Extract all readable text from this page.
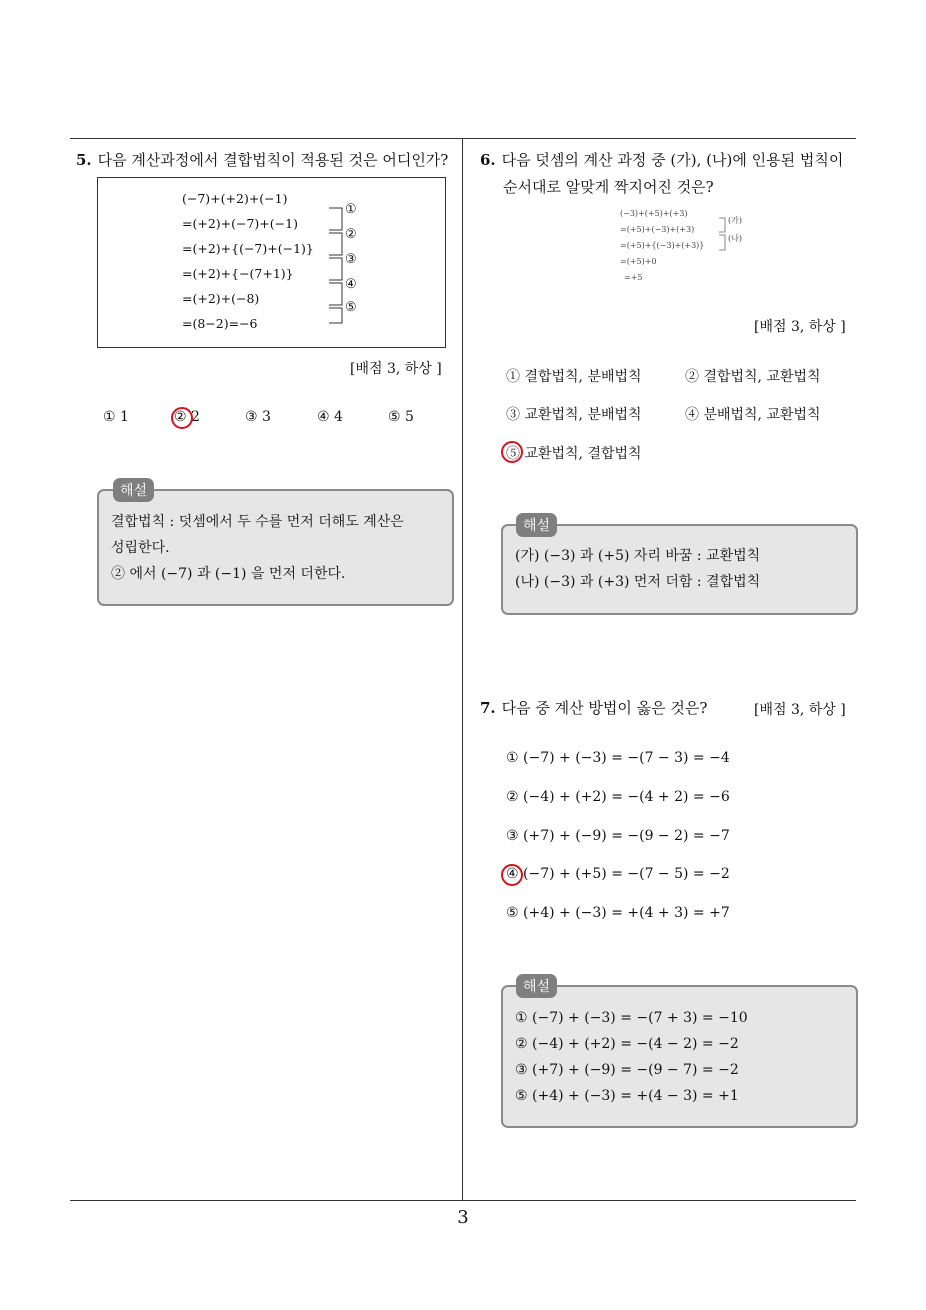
3
5. 다음 계산과정에서 결합법칙이 적용된 것은 어디인가?
(−7)+(+2)+(−1)
=(+2)+(−7)+(−1)
=(+2)+{(−7)+(−1)}
=(+2)+{−(7+1)}
=(+2)+(−8)
=(8−2)=−6
①
②
③
④
⑤
[배점 3, 하상 ]
① 1	② 2	③ 3	④ 4	⑤ 5
결합법칙 : 덧셈에서 두 수를 먼저 더해도 계산은
성립한다.
② 에서 (−7) 과 (−1) 을 먼저 더한다.
해설
6. 다음 덧셈의 계산 과정 중 (가), (나)에 인용된 법칙이
순서대로 알맞게 짝지어진 것은?
(−3)+(+5)+(+3)
=(+5)+(−3)+(+3)
=(+5)+{(−3)+(+3)}
=(+5)+0
=+5
(가)
(나)
[배점 3, 하상 ]
① 결합법칙, 분배법칙	② 결합법칙, 교환법칙
③ 교환법칙, 분배법칙	④ 분배법칙, 교환법칙
⑤ 교환법칙, 결합법칙
(가) (−3) 과 (+5) 자리 바꿈 : 교환법칙
(나) (−3) 과 (+3) 먼저 더함 : 결합법칙
해설
7. 다음 중 계산 방법이 옳은 것은?	[배점 3, 하상 ]
① (−7) + (−3) = −(7 − 3) = −4
② (−4) + (+2) = −(4 + 2) = −6
③ (+7) + (−9) = −(9 − 2) = −7
④ (−7) + (+5) = −(7 − 5) = −2
⑤ (+4) + (−3) = +(4 + 3) = +7
① (−7) + (−3) = −(7 + 3) = −10
② (−4) + (+2) = −(4 − 2) = −2
③ (+7) + (−9) = −(9 − 7) = −2
⑤ (+4) + (−3) = +(4 − 3) = +1
해설
